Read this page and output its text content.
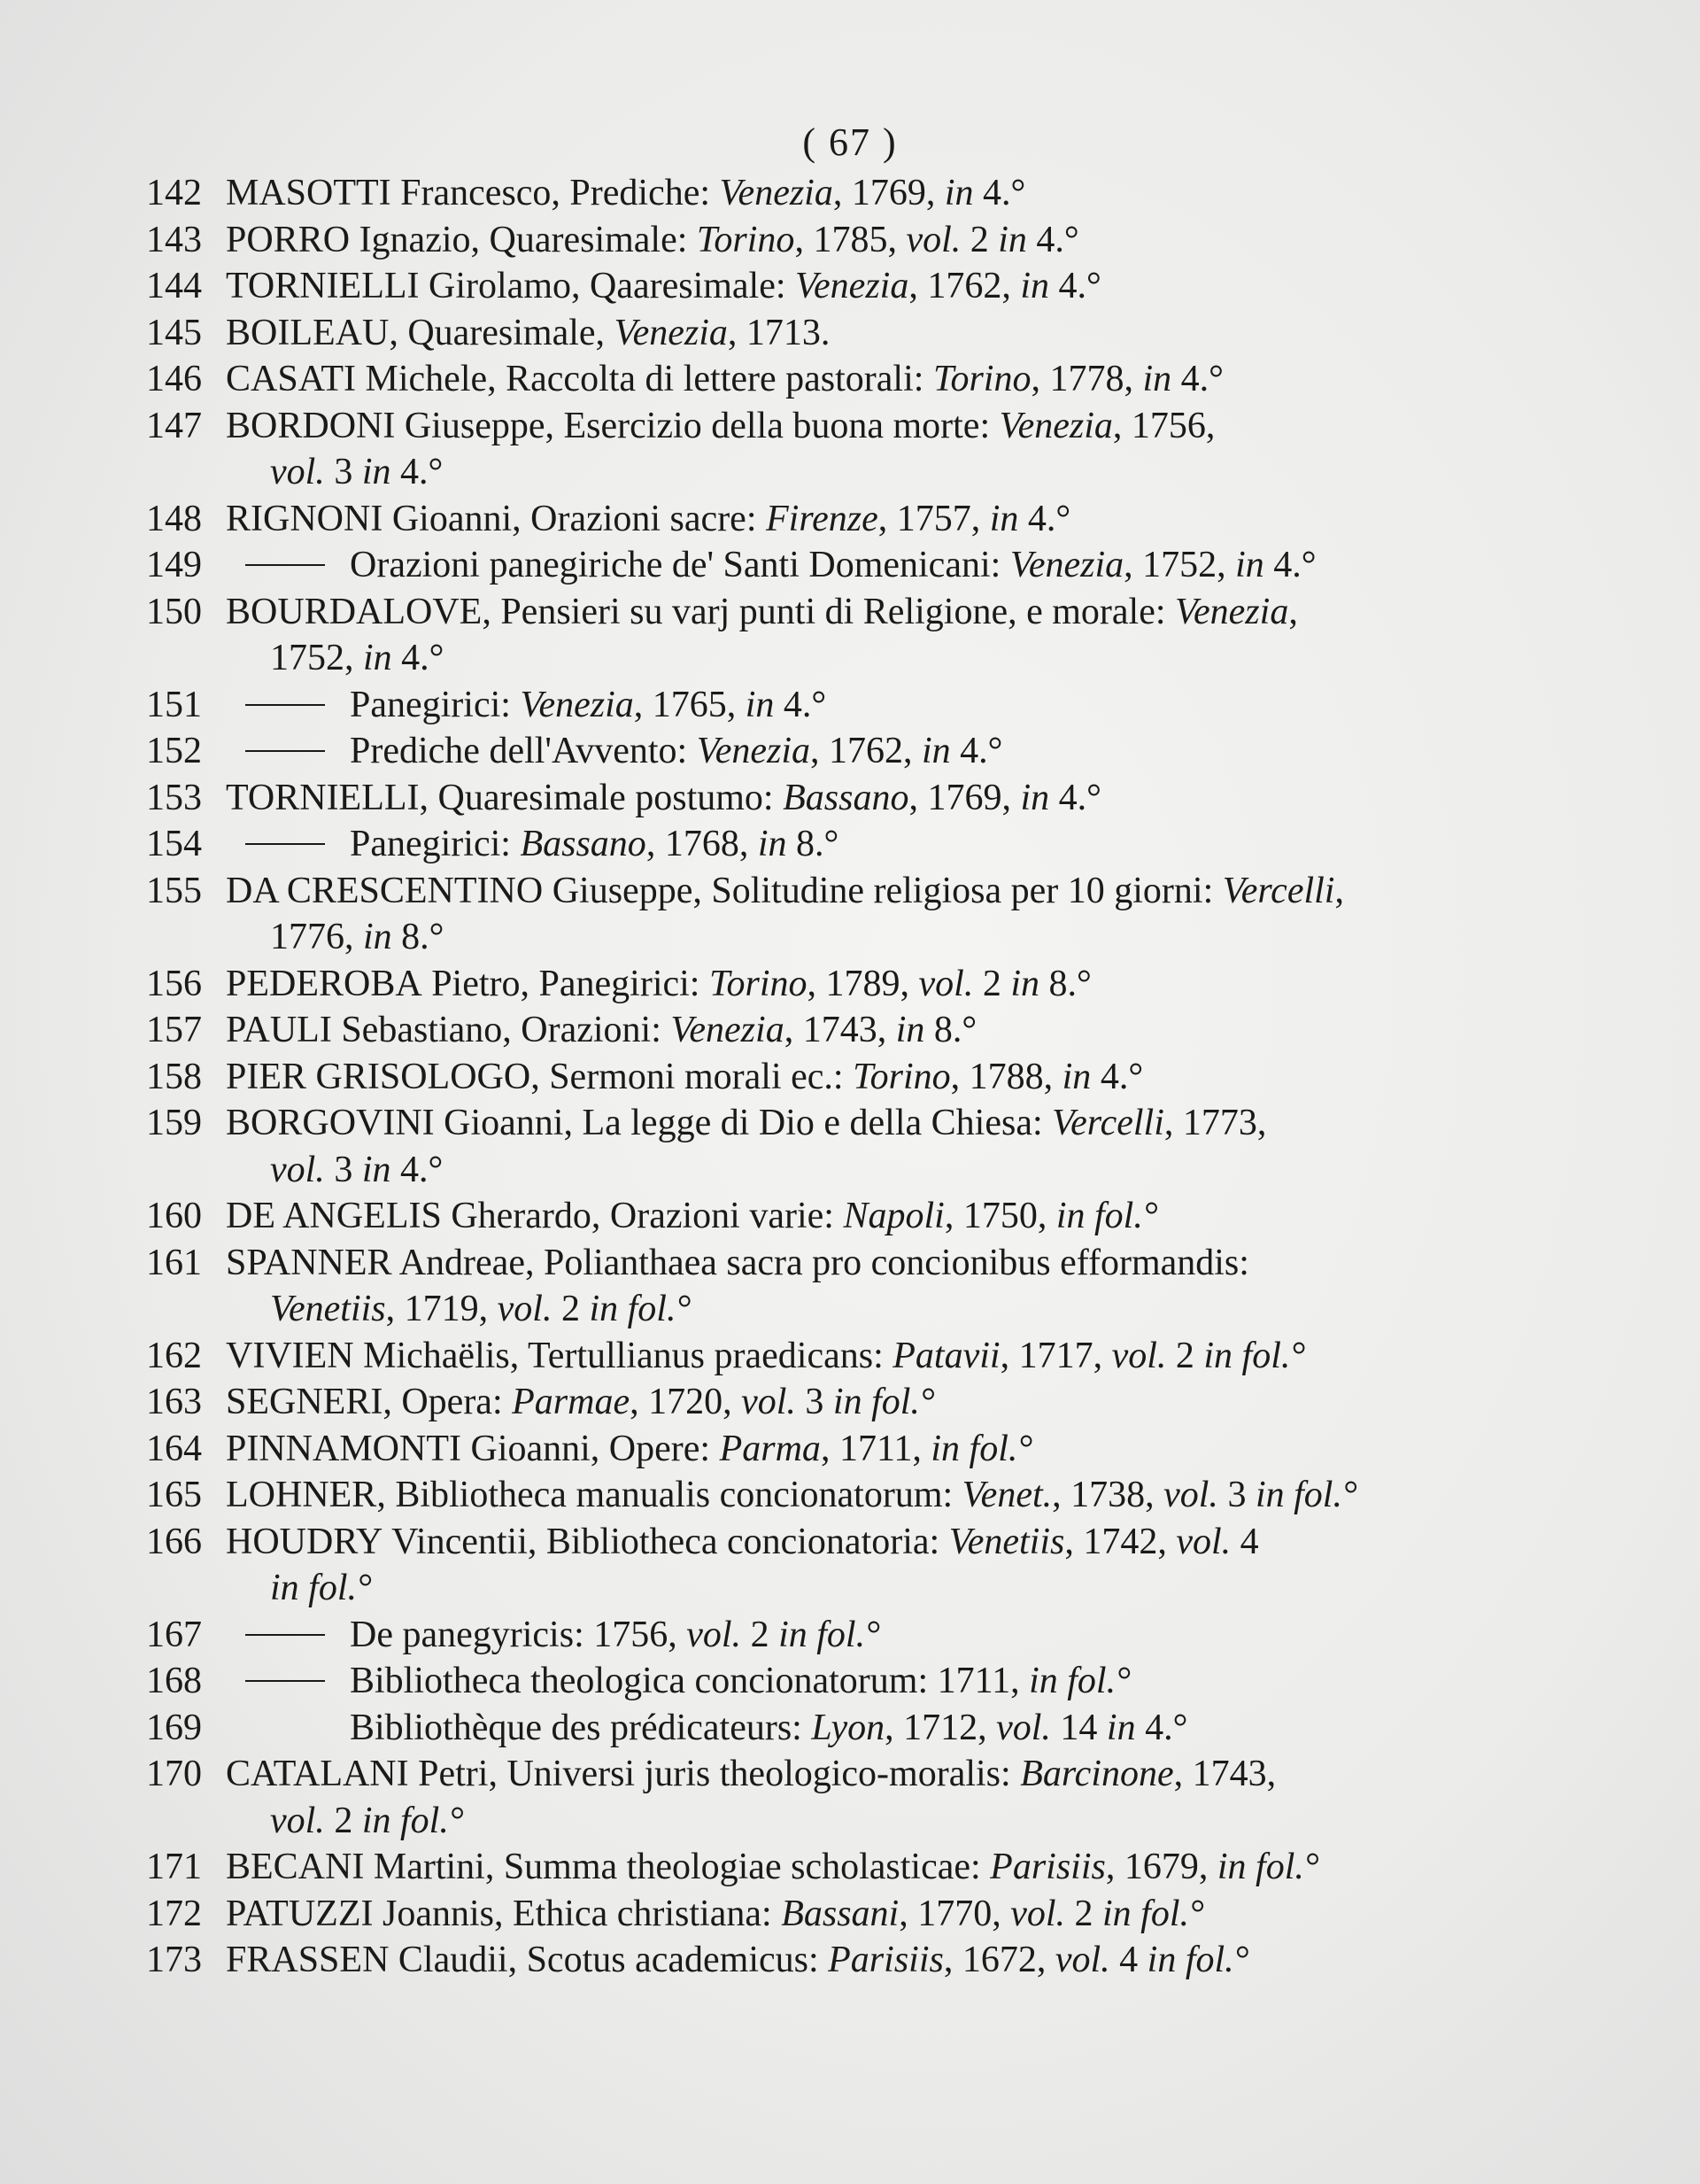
( 67 )
142 MASOTTI Francesco, Prediche: Venezia, 1769, in 4.°
143 PORRO Ignazio, Quaresimale: Torino, 1785, vol. 2 in 4.°
144 TORNIELLI Girolamo, Qaaresimale: Venezia, 1762, in 4.°
145 BOILEAU, Quaresimale, Venezia, 1713.
146 CASATI Michele, Raccolta di lettere pastorali: Torino, 1778, in 4.°
147 BORDONI Giuseppe, Esercizio della buona morte: Venezia, 1756,
vol. 3 in 4.°
148 RIGNONI Gioanni, Orazioni sacre: Firenze, 1757, in 4.°
149	Orazioni panegiriche de' Santi Domenicani: Venezia, 1752, in 4.°
150 BOURDALOVE, Pensieri su varj punti di Religione, e morale: Venezia,
1752, in 4.°
151	Panegirici: Venezia, 1765, in 4.°
152	Prediche dell'Avvento: Venezia, 1762, in 4.°
153 TORNIELLI, Quaresimale postumo: Bassano, 1769, in 4.°
154	Panegirici: Bassano, 1768, in 8.°
155 DA CRESCENTINO Giuseppe, Solitudine religiosa per 10 giorni: Vercelli,
1776, in 8.°
156 PEDEROBA Pietro, Panegirici: Torino, 1789, vol. 2 in 8.°
157 PAULI Sebastiano, Orazioni: Venezia, 1743, in 8.°
158 PIER GRISOLOGO, Sermoni morali ec.: Torino, 1788, in 4.°
159 BORGOVINI Gioanni, La legge di Dio e della Chiesa: Vercelli, 1773,
vol. 3 in 4.°
160 DE ANGELIS Gherardo, Orazioni varie: Napoli, 1750, in fol.°
161 SPANNER Andreae, Polianthaea sacra pro concionibus efformandis:
Venetiis, 1719, vol. 2 in fol.°
162 VIVIEN Michaëlis, Tertullianus praedicans: Patavii, 1717, vol. 2 in fol.°
163 SEGNERI, Opera: Parmae, 1720, vol. 3 in fol.°
164 PINNAMONTI Gioanni, Opere: Parma, 1711, in fol.°
165 LOHNER, Bibliotheca manualis concionatorum: Venet., 1738, vol. 3 in fol.°
166 HOUDRY Vincentii, Bibliotheca concionatoria: Venetiis, 1742, vol. 4
in fol.°
167	De panegyricis: 1756, vol. 2 in fol.°
168	Bibliotheca theologica concionatorum: 1711, in fol.°
169	Bibliothèque des prédicateurs: Lyon, 1712, vol. 14 in 4.°
170 CATALANI Petri, Universi juris theologico-moralis: Barcinone, 1743,
vol. 2 in fol.°
171 BECANI Martini, Summa theologiae scholasticae: Parisiis, 1679, in fol.°
172 PATUZZI Joannis, Ethica christiana: Bassani, 1770, vol. 2 in fol.°
173 FRASSEN Claudii, Scotus academicus: Parisiis, 1672, vol. 4 in fol.°
